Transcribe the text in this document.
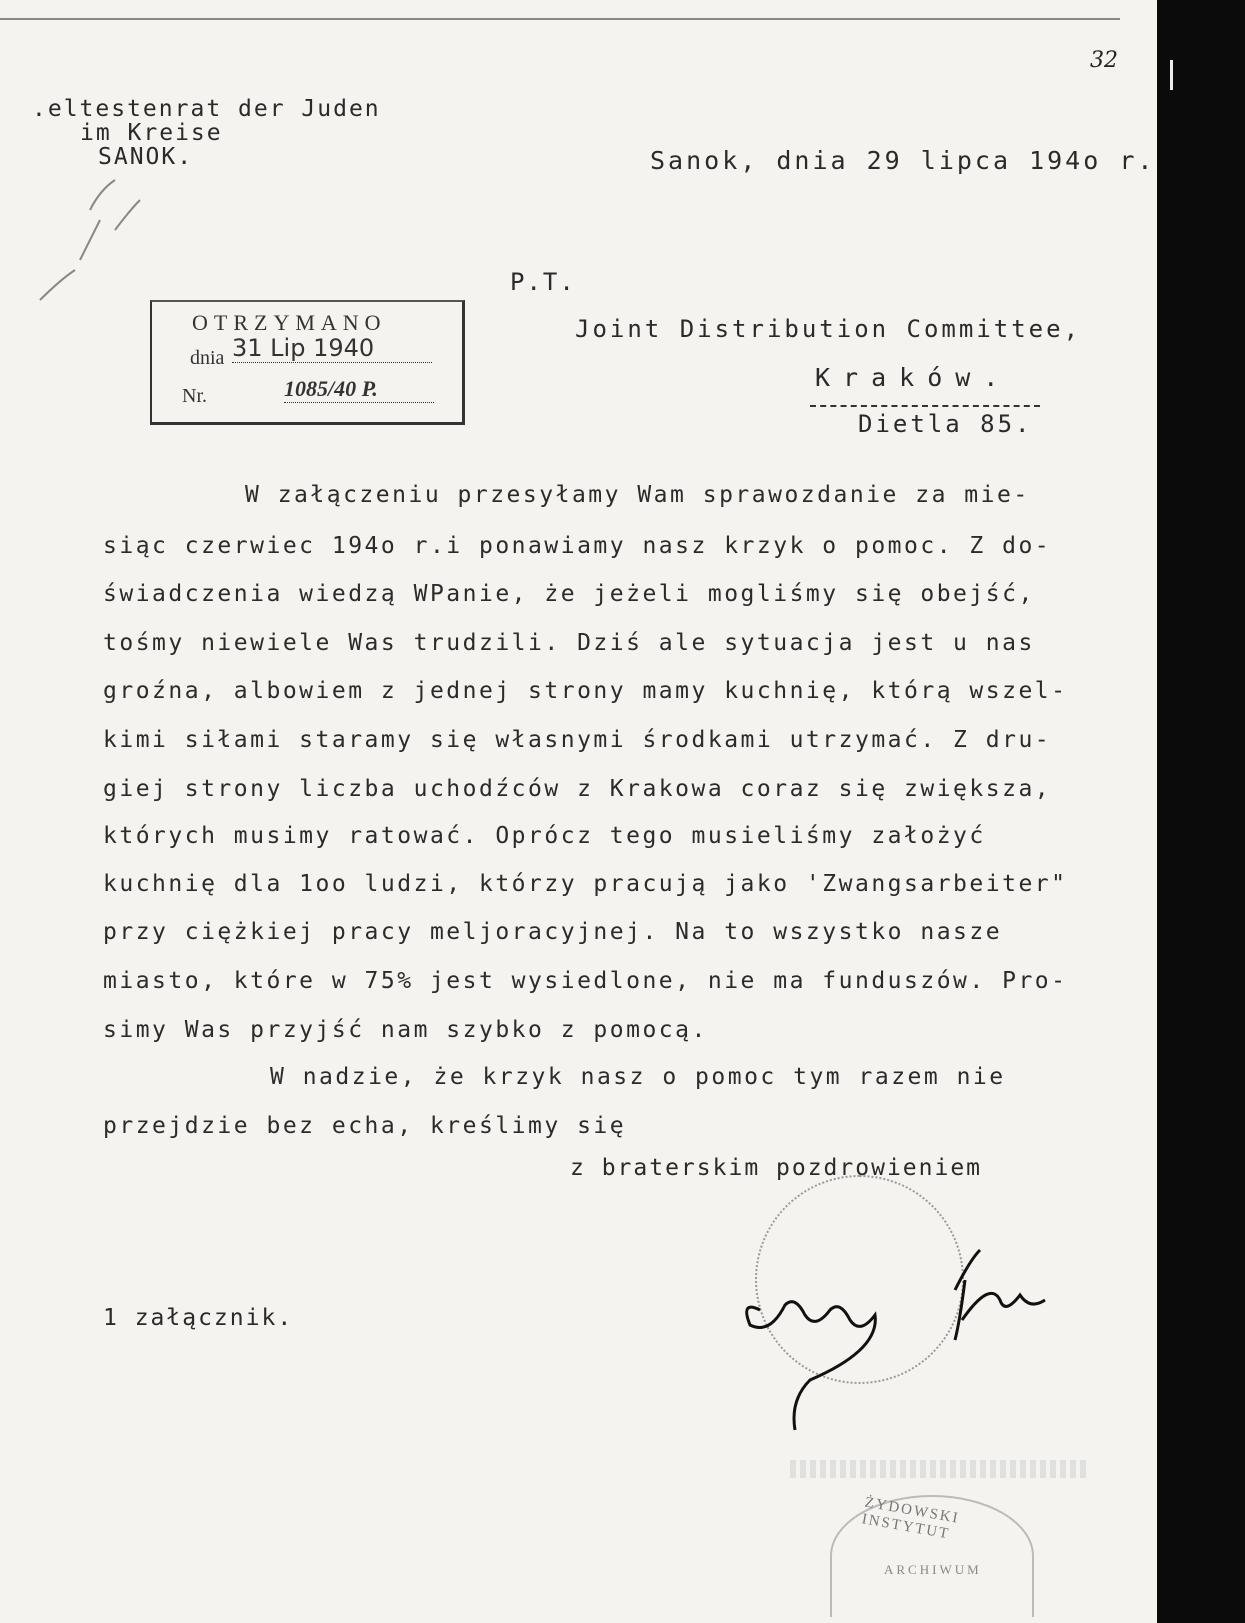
32
.eltestenrat der Juden
im Kreise
SANOK.	Sanok, dnia 29 lipca 194o r.
P.T.
Joint Distribution Committee,
Kraków.
Dietla 85.
OTRZYMANO
dnia 31 Lip 1940
Nr.	1085/40 P.
W załączeniu przesyłamy Wam sprawozdanie za mie-
siąc czerwiec 194o r.i ponawiamy nasz krzyk o pomoc. Z do-
świadczenia wiedzą WPanie, że jeżeli mogliśmy się obejść,
tośmy niewiele Was trudzili. Dziś ale sytuacja jest u nas
groźna, albowiem z jednej strony mamy kuchnię, którą wszel-
kimi siłami staramy się własnymi środkami utrzymać. Z dru-
giej strony liczba uchodźców z Krakowa coraz się zwiększa,
których musimy ratować. Oprócz tego musieliśmy założyć
kuchnię dla 1oo ludzi, którzy pracują jako 'Zwangsarbeiter"
przy ciężkiej pracy meljoracyjnej. Na to wszystko nasze
miasto, które w 75% jest wysiedlone, nie ma funduszów. Pro-
simy Was przyjść nam szybko z pomocą.
W nadzie, że krzyk nasz o pomoc tym razem nie
przejdzie bez echa, kreślimy się
z braterskim pozdrowieniem
1 załącznik.
ŻYDOWSKI INSTYTUT
ARCHIWUM
